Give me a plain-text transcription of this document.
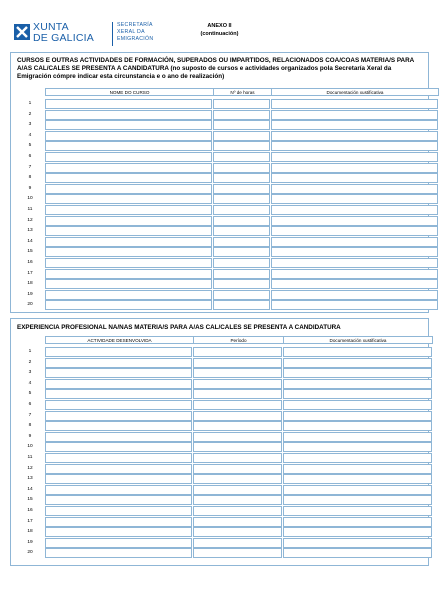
XUNTA
DE GALICIA
SECRETARÍA
XERAL DA
EMIGRACIÓN
ANEXO II
(continuación)
CURSOS E OUTRAS ACTIVIDADES DE FORMACIÓN, SUPERADOS OU IMPARTIDOS, RELACIONADOS COA/COAS MATERIA/S PARA A/AS CAL/CALES SE PRESENTA A CANDIDATURA (no suposto de cursos e actividades organizados pola Secretaría Xeral da Emigración cómpre indicar esta circunstancia e o ano de realización)
NOME DO CURSO	Nº de horas	Documentación xustificativa
1
2
3
4
5
6
7
8
9
10
11
12
13
14
15
16
17
18
19
20
EXPERIENCIA PROFESIONAL NA/NAS MATERIA/S PARA A/AS CAL/CALES SE PRESENTA A CANDIDATURA
ACTIVIDADE DESENVOLVIDA	Período	Documentación xustificativa
1
2
3
4
5
6
7
8
9
10
11
12
13
14
15
16
17
18
19
20
